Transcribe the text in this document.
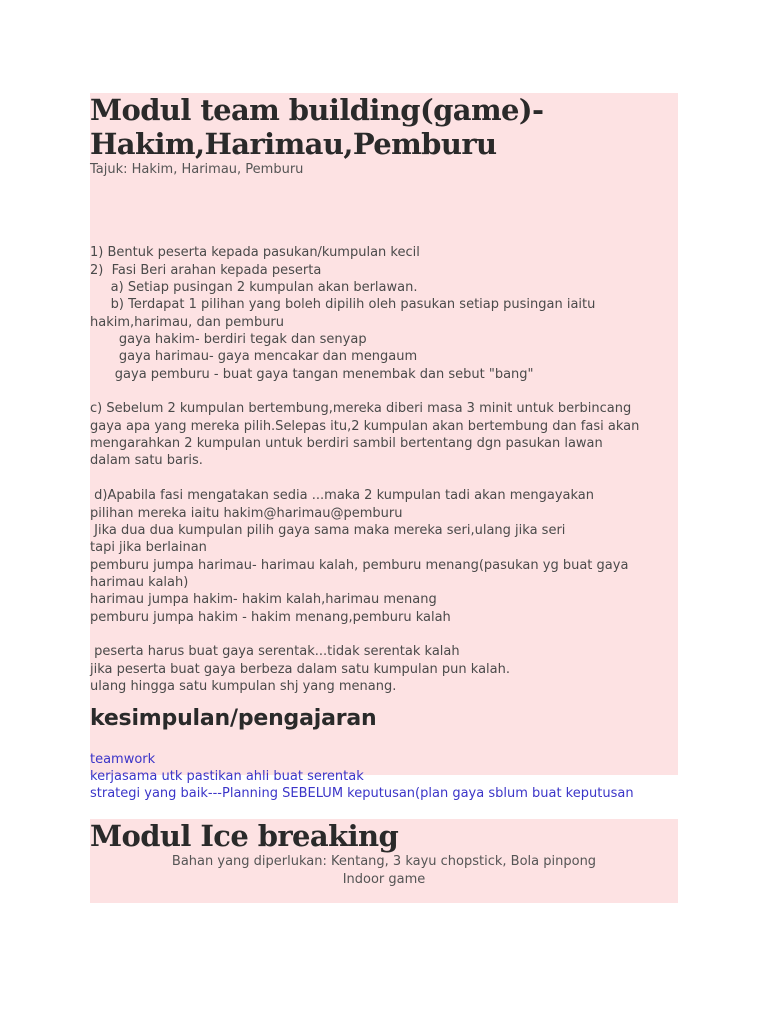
Modul team building(game)-
Hakim,Harimau,Pemburu

Tajuk: Hakim, Harimau, Pemburu

1) Bentuk peserta kepada pasukan/kumpulan kecil
2)  Fasi Beri arahan kepada peserta
a) Setiap pusingan 2 kumpulan akan berlawan.
b) Terdapat 1 pilihan yang boleh dipilih oleh pasukan setiap pusingan iaitu
hakim,harimau, dan pemburu
gaya hakim- berdiri tegak dan senyap
gaya harimau- gaya mencakar dan mengaum
gaya pemburu - buat gaya tangan menembak dan sebut "bang"

c) Sebelum 2 kumpulan bertembung,mereka diberi masa 3 minit untuk berbincang
gaya apa yang mereka pilih.Selepas itu,2 kumpulan akan bertembung dan fasi akan
mengarahkan 2 kumpulan untuk berdiri sambil bertentang dgn pasukan lawan
dalam satu baris.

d)Apabila fasi mengatakan sedia ...maka 2 kumpulan tadi akan mengayakan
pilihan mereka iaitu hakim@harimau@pemburu
Jika dua dua kumpulan pilih gaya sama maka mereka seri,ulang jika seri
tapi jika berlainan
pemburu jumpa harimau- harimau kalah, pemburu menang(pasukan yg buat gaya
harimau kalah)
harimau jumpa hakim- hakim kalah,harimau menang
pemburu jumpa hakim - hakim menang,pemburu kalah

peserta harus buat gaya serentak...tidak serentak kalah
jika peserta buat gaya berbeza dalam satu kumpulan pun kalah.
ulang hingga satu kumpulan shj yang menang.
kesimpulan/pengajaran

teamwork
kerjasama utk pastikan ahli buat serentak
strategi yang baik---Planning SEBELUM keputusan(plan gaya sblum buat keputusan
Modul Ice breaking

Bahan yang diperlukan: Kentang, 3 kayu chopstick, Bola pinpong

Indoor game
